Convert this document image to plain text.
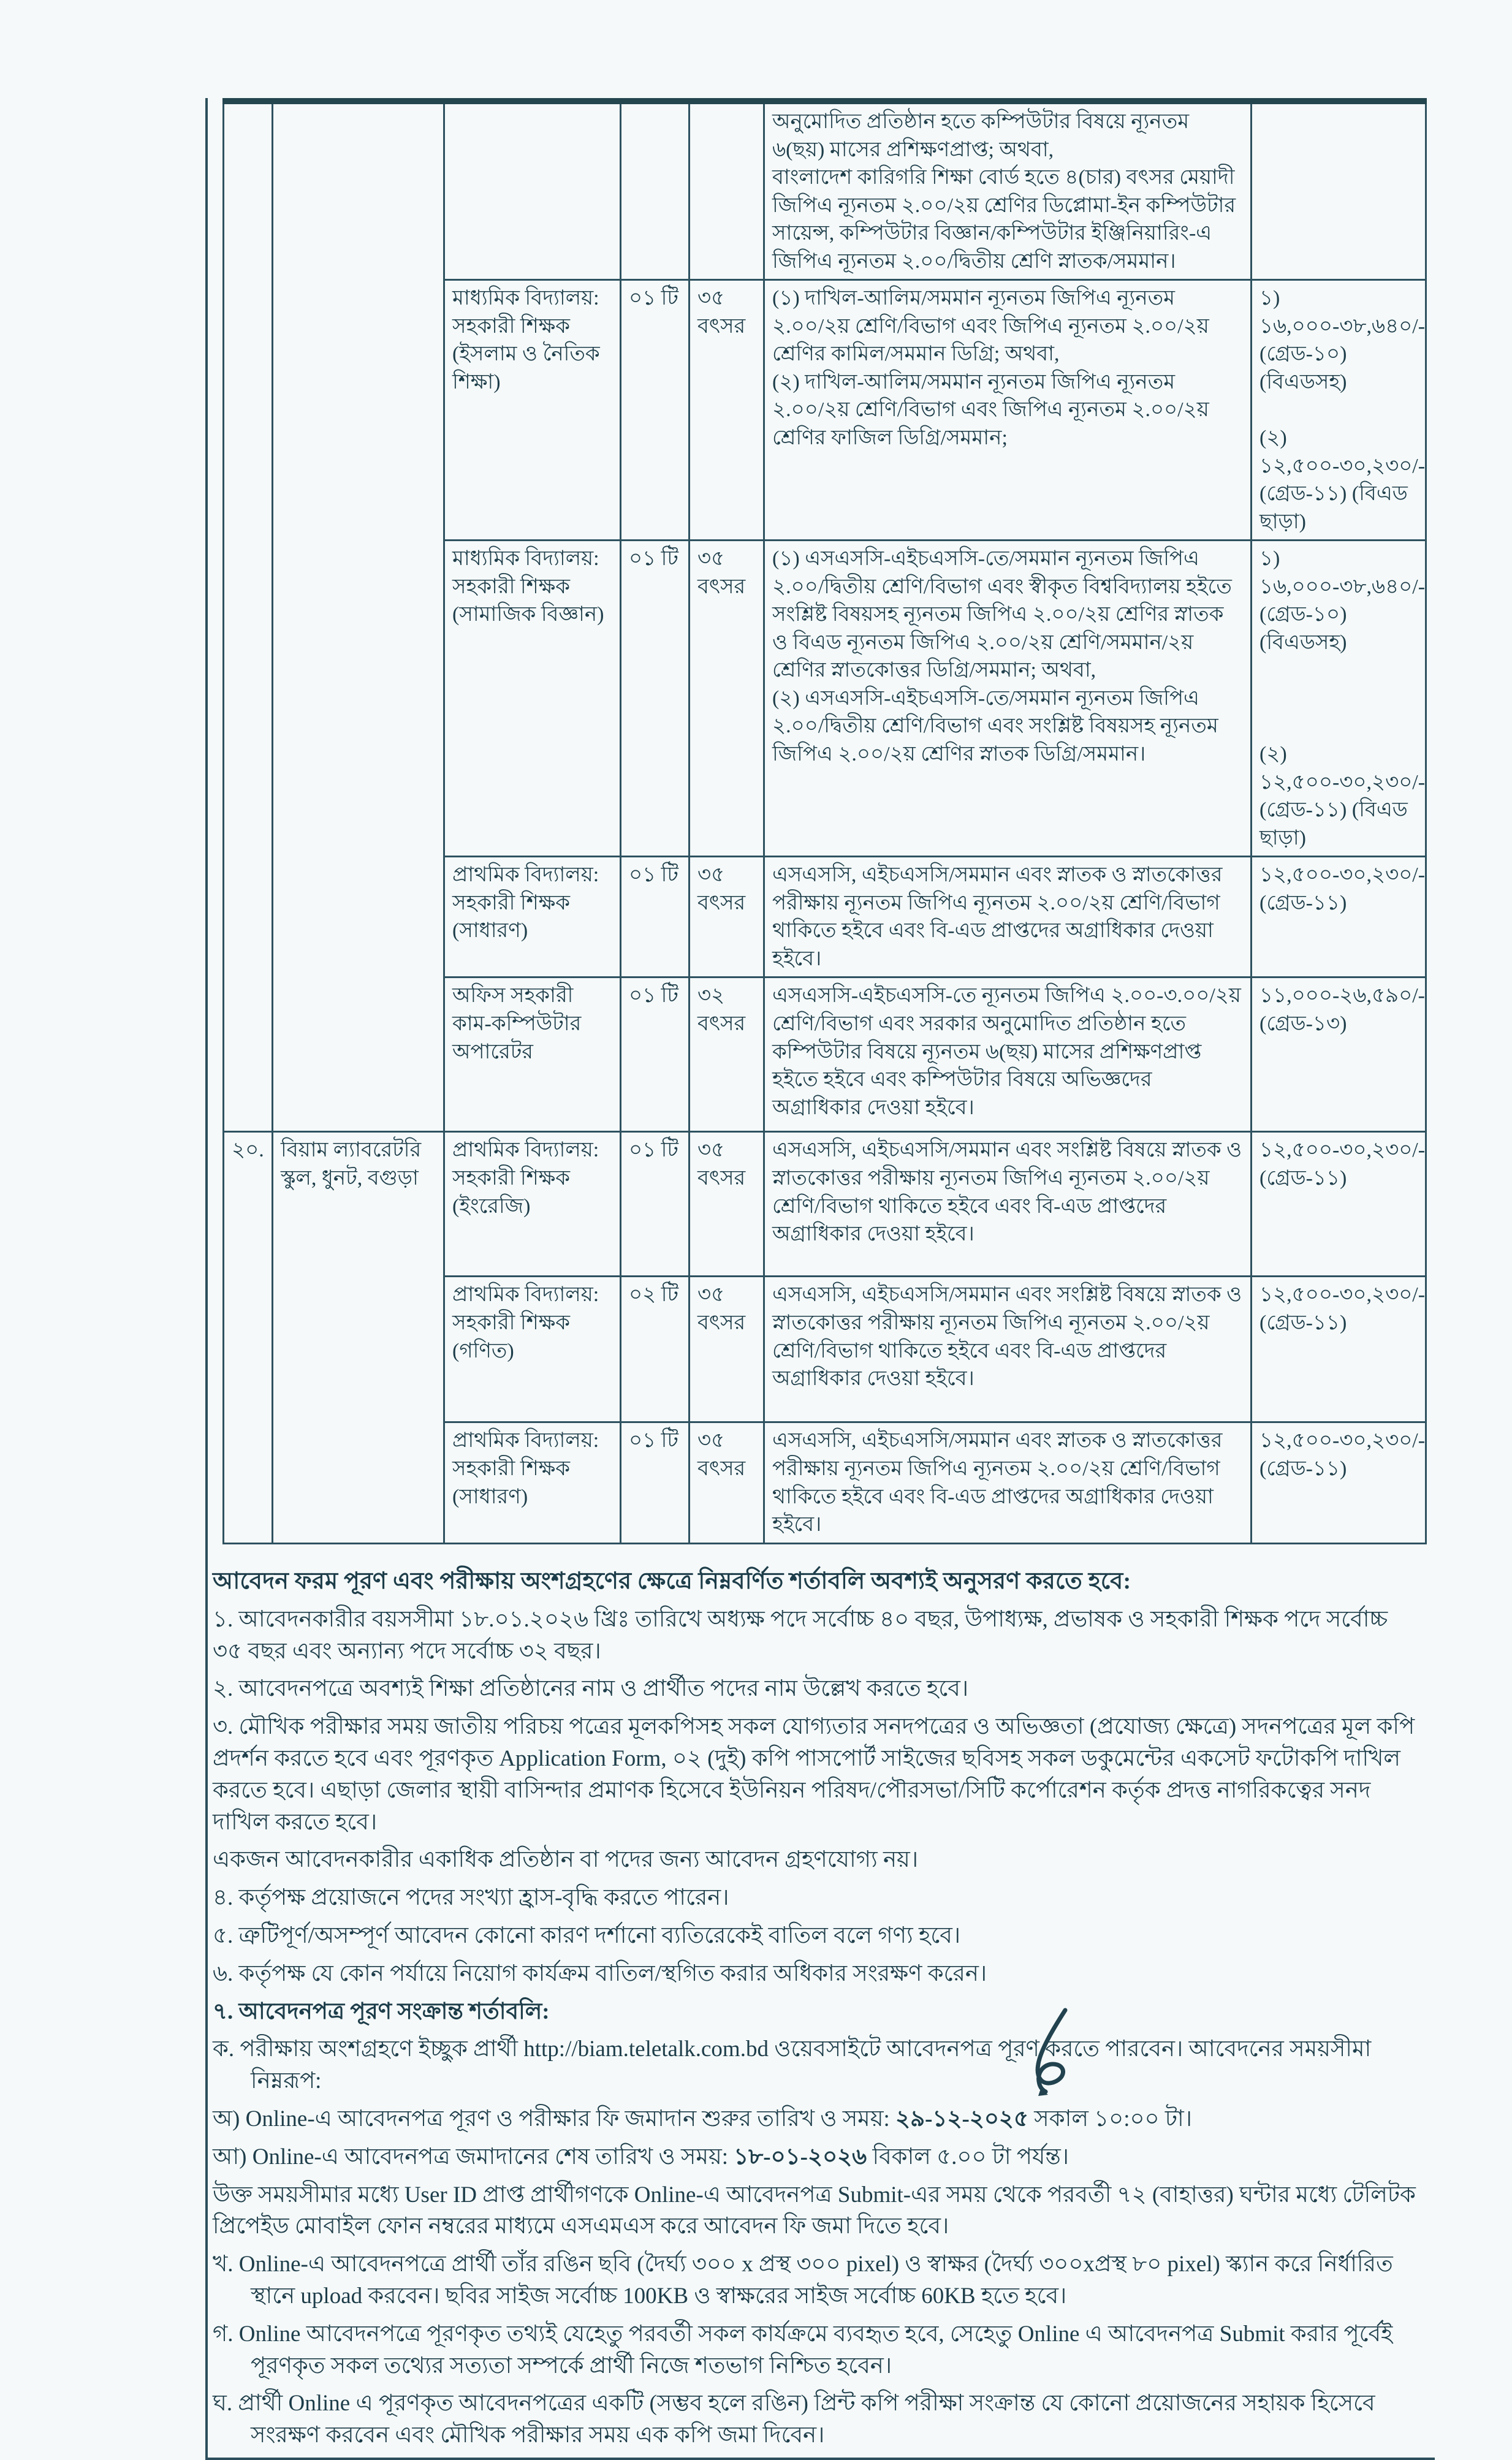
					অনুমোদিত প্রতিষ্ঠান হতে কম্পিউটার বিষয়ে ন্যূনতম ৬(ছয়) মাসের প্রশিক্ষণপ্রাপ্ত; অথবা,
বাংলাদেশ কারিগরি শিক্ষা বোর্ড হতে ৪(চার) বৎসর মেয়াদী জিপিএ ন্যূনতম ২.০০/২য় শ্রেণির ডিপ্লোমা-ইন কম্পিউটার সায়েন্স, কম্পিউটার বিজ্ঞান/কম্পিউটার ইঞ্জিনিয়ারিং-এ জিপিএ ন্যূনতম ২.০০/দ্বিতীয় শ্রেণি স্নাতক/সমমান।	
মাধ্যমিক বিদ্যালয়:
সহকারী শিক্ষক
(ইসলাম ও নৈতিক
শিক্ষা)	০১ টি	৩৫
বৎসর	(১) দাখিল-আলিম/সমমান ন্যূনতম জিপিএ ন্যূনতম ২.০০/২য় শ্রেণি/বিভাগ এবং জিপিএ ন্যূনতম ২.০০/২য় শ্রেণির কামিল/সমমান ডিগ্রি; অথবা,
(২) দাখিল-আলিম/সমমান ন্যূনতম জিপিএ ন্যূনতম ২.০০/২য় শ্রেণি/বিভাগ এবং জিপিএ ন্যূনতম ২.০০/২য় শ্রেণির ফাজিল ডিগ্রি/সমমান;	১) ১৬,০০০-৩৮,৬৪০/-
(গ্রেড-১০) (বিএডসহ)

(২) ১২,৫০০-৩০,২৩০/-
(গ্রেড-১১) (বিএড ছাড়া)
মাধ্যমিক বিদ্যালয়:
সহকারী শিক্ষক
(সামাজিক বিজ্ঞান)	০১ টি	৩৫
বৎসর	(১) এসএসসি-এইচএসসি-তে/সমমান ন্যূনতম জিপিএ ২.০০/দ্বিতীয় শ্রেণি/বিভাগ এবং স্বীকৃত বিশ্ববিদ্যালয় হইতে সংশ্লিষ্ট বিষয়সহ ন্যূনতম জিপিএ ২.০০/২য় শ্রেণির স্নাতক ও বিএড ন্যূনতম জিপিএ ২.০০/২য় শ্রেণি/সমমান/২য় শ্রেণির স্নাতকোত্তর ডিগ্রি/সমমান; অথবা,
(২) এসএসসি-এইচএসসি-তে/সমমান ন্যূনতম জিপিএ ২.০০/দ্বিতীয় শ্রেণি/বিভাগ এবং সংশ্লিষ্ট বিষয়সহ ন্যূনতম জিপিএ ২.০০/২য় শ্রেণির স্নাতক ডিগ্রি/সমমান।	১) ১৬,০০০-৩৮,৬৪০/-
(গ্রেড-১০) (বিএডসহ)

(২) ১২,৫০০-৩০,২৩০/-
(গ্রেড-১১) (বিএড ছাড়া)
		প্রাথমিক বিদ্যালয়:
সহকারী শিক্ষক
(সাধারণ)	০১ টি	৩৫
বৎসর	এসএসসি, এইচএসসি/সমমান এবং স্নাতক ও স্নাতকোত্তর পরীক্ষায় ন্যূনতম জিপিএ ন্যূনতম ২.০০/২য় শ্রেণি/বিভাগ থাকিতে হইবে এবং বি-এড প্রাপ্তদের অগ্রাধিকার দেওয়া হইবে।	১২,৫০০-৩০,২৩০/-
(গ্রেড-১১)
অফিস সহকারী
কাম-কম্পিউটার
অপারেটর	০১ টি	৩২
বৎসর	এসএসসি-এইচএসসি-তে ন্যূনতম জিপিএ ২.০০-৩.০০/২য় শ্রেণি/বিভাগ এবং সরকার অনুমোদিত প্রতিষ্ঠান হতে কম্পিউটার বিষয়ে ন্যূনতম ৬(ছয়) মাসের প্রশিক্ষণপ্রাপ্ত হইতে হইবে এবং কম্পিউটার বিষয়ে অভিজ্ঞদের অগ্রাধিকার দেওয়া হইবে।	১১,০০০-২৬,৫৯০/-
(গ্রেড-১৩)
২০.	বিয়াম ল্যাবরেটরি
স্কুল, ধুনট, বগুড়া	প্রাথমিক বিদ্যালয়:
সহকারী শিক্ষক
(ইংরেজি)	০১ টি	৩৫
বৎসর	এসএসসি, এইচএসসি/সমমান এবং সংশ্লিষ্ট বিষয়ে স্নাতক ও স্নাতকোত্তর পরীক্ষায় ন্যূনতম জিপিএ ন্যূনতম ২.০০/২য় শ্রেণি/বিভাগ থাকিতে হইবে এবং বি-এড প্রাপ্তদের অগ্রাধিকার দেওয়া হইবে।	১২,৫০০-৩০,২৩০/-
(গ্রেড-১১)
		প্রাথমিক বিদ্যালয়:
সহকারী শিক্ষক
(গণিত)	০২ টি	৩৫
বৎসর	এসএসসি, এইচএসসি/সমমান এবং সংশ্লিষ্ট বিষয়ে স্নাতক ও স্নাতকোত্তর পরীক্ষায় ন্যূনতম জিপিএ ন্যূনতম ২.০০/২য় শ্রেণি/বিভাগ থাকিতে হইবে এবং বি-এড প্রাপ্তদের অগ্রাধিকার দেওয়া হইবে।	১২,৫০০-৩০,২৩০/-
(গ্রেড-১১)
		প্রাথমিক বিদ্যালয়:
সহকারী শিক্ষক
(সাধারণ)	০১ টি	৩৫
বৎসর	এসএসসি, এইচএসসি/সমমান এবং স্নাতক ও স্নাতকোত্তর পরীক্ষায় ন্যূনতম জিপিএ ন্যূনতম ২.০০/২য় শ্রেণি/বিভাগ থাকিতে হইবে এবং বি-এড প্রাপ্তদের অগ্রাধিকার দেওয়া হইবে।	১২,৫০০-৩০,২৩০/-
(গ্রেড-১১)

আবেদন ফরম পূরণ এবং পরীক্ষায় অংশগ্রহণের ক্ষেত্রে নিম্নবর্ণিত শর্তাবলি অবশ্যই অনুসরণ করতে হবে:

১. আবেদনকারীর বয়সসীমা ১৮.০১.২০২৬ খ্রিঃ তারিখে অধ্যক্ষ পদে সর্বোচ্চ ৪০ বছর, উপাধ্যক্ষ, প্রভাষক ও সহকারী শিক্ষক পদে সর্বোচ্চ ৩৫ বছর এবং অন্যান্য পদে সর্বোচ্চ ৩২ বছর।

২. আবেদনপত্রে অবশ্যই শিক্ষা প্রতিষ্ঠানের নাম ও প্রার্থীত পদের নাম উল্লেখ করতে হবে।

৩. মৌখিক পরীক্ষার সময় জাতীয় পরিচয় পত্রের মূলকপিসহ সকল যোগ্যতার সনদপত্রের ও অভিজ্ঞতা (প্রযোজ্য ক্ষেত্রে) সদনপত্রের মূল কপি প্রদর্শন করতে হবে এবং পূরণকৃত Application Form, ০২ (দুই) কপি পাসপোর্ট সাইজের ছবিসহ সকল ডকুমেন্টের একসেট ফটোকপি দাখিল করতে হবে। এছাড়া জেলার স্থায়ী বাসিন্দার প্রমাণক হিসেবে ইউনিয়ন পরিষদ/পৌরসভা/সিটি কর্পোরেশন কর্তৃক প্রদত্ত নাগরিকত্বের সনদ দাখিল করতে হবে।

একজন আবেদনকারীর একাধিক প্রতিষ্ঠান বা পদের জন্য আবেদন গ্রহণযোগ্য নয়।

৪. কর্তৃপক্ষ প্রয়োজনে পদের সংখ্যা হ্রাস-বৃদ্ধি করতে পারেন।

৫. ত্রুটিপূর্ণ/অসম্পূর্ণ আবেদন কোনো কারণ দর্শানো ব্যতিরেকেই বাতিল বলে গণ্য হবে।

৬. কর্তৃপক্ষ যে কোন পর্যায়ে নিয়োগ কার্যক্রম বাতিল/স্থগিত করার অধিকার সংরক্ষণ করেন।

৭. আবেদনপত্র পূরণ সংক্রান্ত শর্তাবলি:

ক. পরীক্ষায় অংশগ্রহণে ইচ্ছুক প্রার্থী http://biam.teletalk.com.bd ওয়েবসাইটে আবেদনপত্র পূরণ করতে পারবেন। আবেদনের সময়সীমা নিম্নরূপ:

অ) Online-এ আবেদনপত্র পূরণ ও পরীক্ষার ফি জমাদান শুরুর তারিখ ও সময়: ২৯-১২-২০২৫ সকাল ১০:০০ টা।

আ) Online-এ আবেদনপত্র জমাদানের শেষ তারিখ ও সময়: ১৮-০১-২০২৬ বিকাল ৫.০০ টা পর্যন্ত।

উক্ত সময়সীমার মধ্যে User ID প্রাপ্ত প্রার্থীগণকে Online-এ আবেদনপত্র Submit-এর সময় থেকে পরবর্তী ৭২ (বাহাত্তর) ঘন্টার মধ্যে টেলিটক প্রিপেইড মোবাইল ফোন নম্বরের মাধ্যমে এসএমএস করে আবেদন ফি জমা দিতে হবে।

খ. Online-এ আবেদনপত্রে প্রার্থী তাঁর রঙিন ছবি (দৈর্ঘ্য ৩০০ x প্রস্থ ৩০০ pixel) ও স্বাক্ষর (দৈর্ঘ্য ৩০০xপ্রস্থ ৮০ pixel) স্ক্যান করে নির্ধারিত স্থানে upload করবেন। ছবির সাইজ সর্বোচ্চ 100KB ও স্বাক্ষরের সাইজ সর্বোচ্চ 60KB হতে হবে।

গ. Online আবেদনপত্রে পূরণকৃত তথ্যই যেহেতু পরবর্তী সকল কার্যক্রমে ব্যবহৃত হবে, সেহেতু Online এ আবেদনপত্র Submit করার পূর্বেই পূরণকৃত সকল তথ্যের সত্যতা সম্পর্কে প্রার্থী নিজে শতভাগ নিশ্চিত হবেন।

ঘ. প্রার্থী Online এ পূরণকৃত আবেদনপত্রের একটি (সম্ভব হলে রঙিন) প্রিন্ট কপি পরীক্ষা সংক্রান্ত যে কোনো প্রয়োজনের সহায়ক হিসেবে সংরক্ষণ করবেন এবং মৌখিক পরীক্ষার সময় এক কপি জমা দিবেন।
